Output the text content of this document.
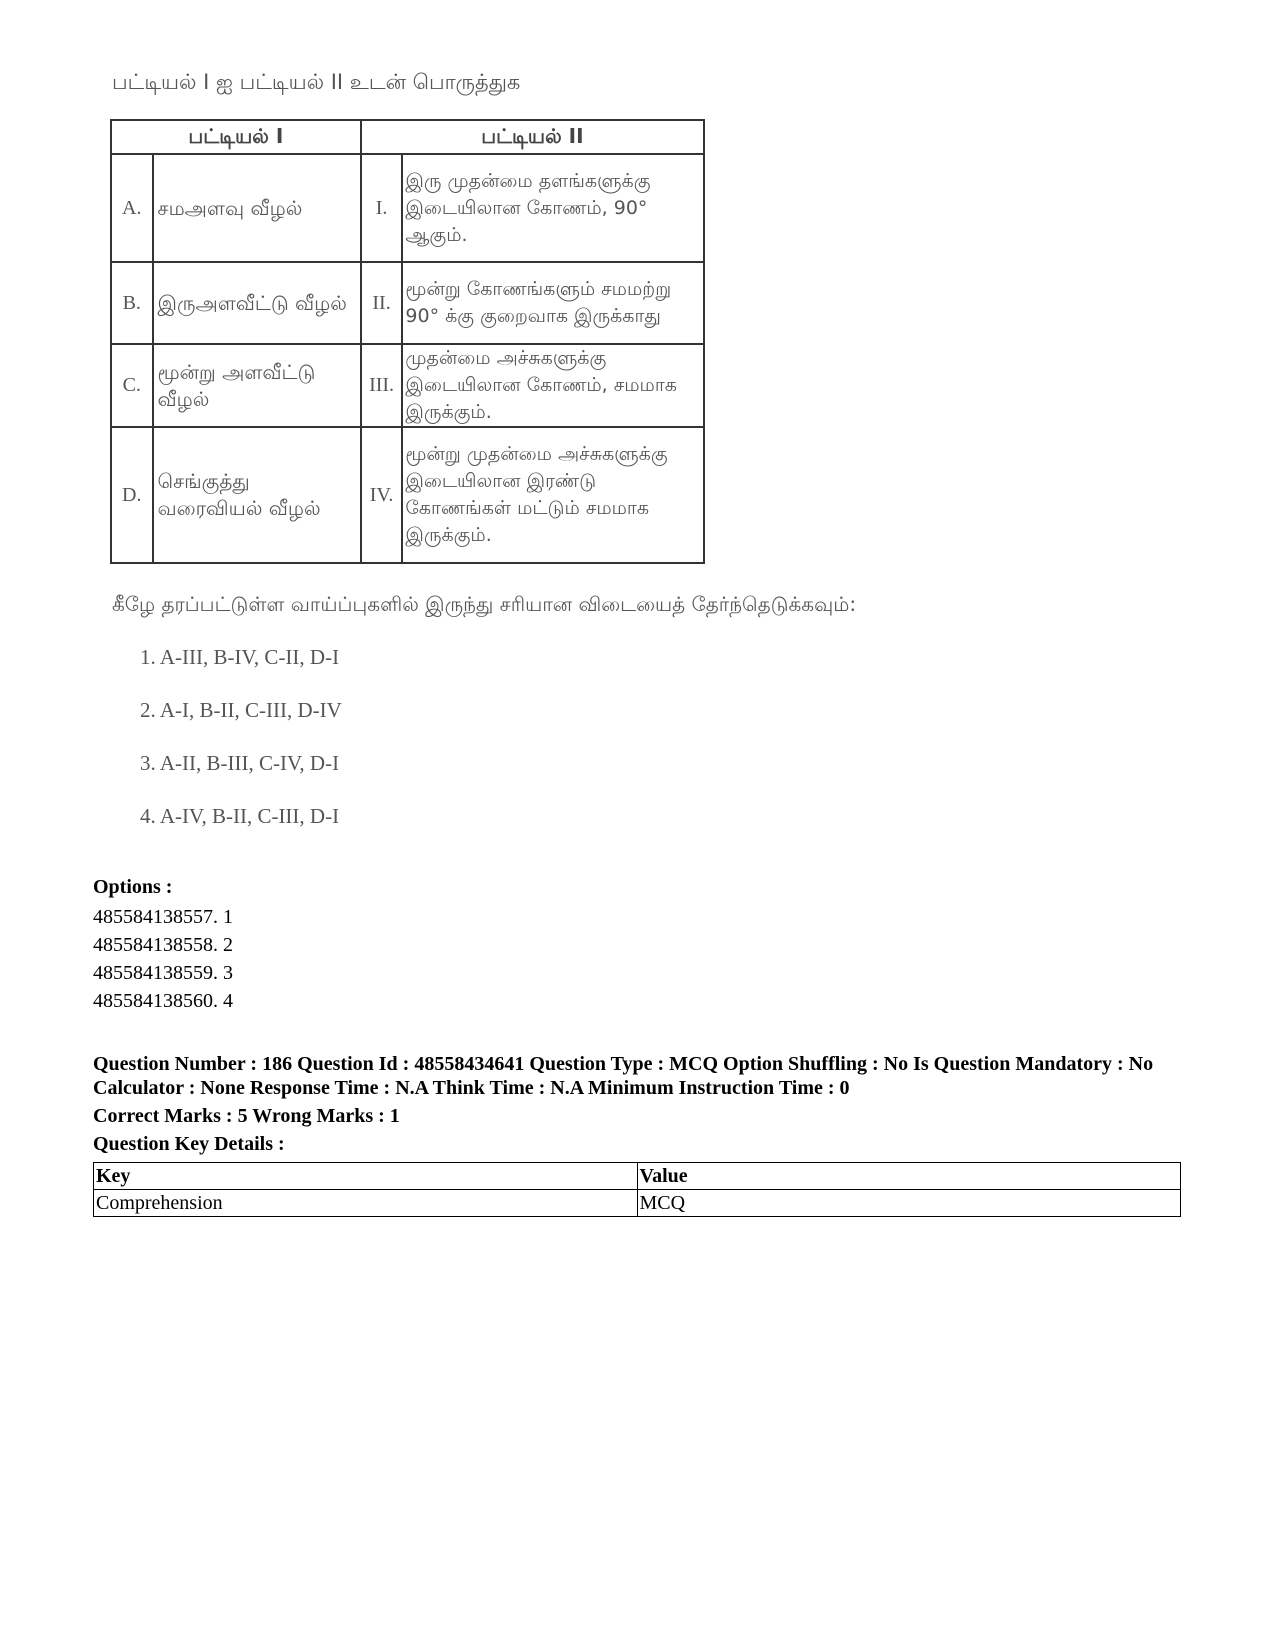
பட்டியல் I ஐ பட்டியல் II உடன் பொருத்துக
பட்டியல் I		பட்டியல் II	
A.	சமஅளவு வீழல்	I.	இரு முதன்மை தளங்களுக்கு இடையிலான கோணம், 90° ஆகும்.
B.	இருஅளவீட்டு வீழல்	II.	மூன்று கோணங்களும் சமமற்று 90° க்கு குறைவாக இருக்காது
C.	மூன்று அளவீட்டு வீழல்	III.	முதன்மை அச்சுகளுக்கு இடையிலான கோணம், சமமாக இருக்கும்.
D.	செங்குத்து வரைவியல் வீழல்	IV.	மூன்று முதன்மை அச்சுகளுக்கு இடையிலான இரண்டு கோணங்கள் மட்டும் சமமாக இருக்கும்.
கீழே தரப்பட்டுள்ள வாய்ப்புகளில் இருந்து சரியான விடையைத் தேர்ந்தெடுக்கவும்:
1. A-III, B-IV, C-II, D-I
2. A-I, B-II, C-III, D-IV
3. A-II, B-III, C-IV, D-I
4. A-IV, B-II, C-III, D-I
Options :
485584138557. 1
485584138558. 2
485584138559. 3
485584138560. 4

Question Number : 186 Question Id : 48558434641 Question Type : MCQ Option Shuffling : No Is Question Mandatory : No Calculator : None Response Time : N.A Think Time : N.A Minimum Instruction Time : 0

Correct Marks : 5 Wrong Marks : 1

Question Key Details :

Key	Value
Comprehension	MCQ
